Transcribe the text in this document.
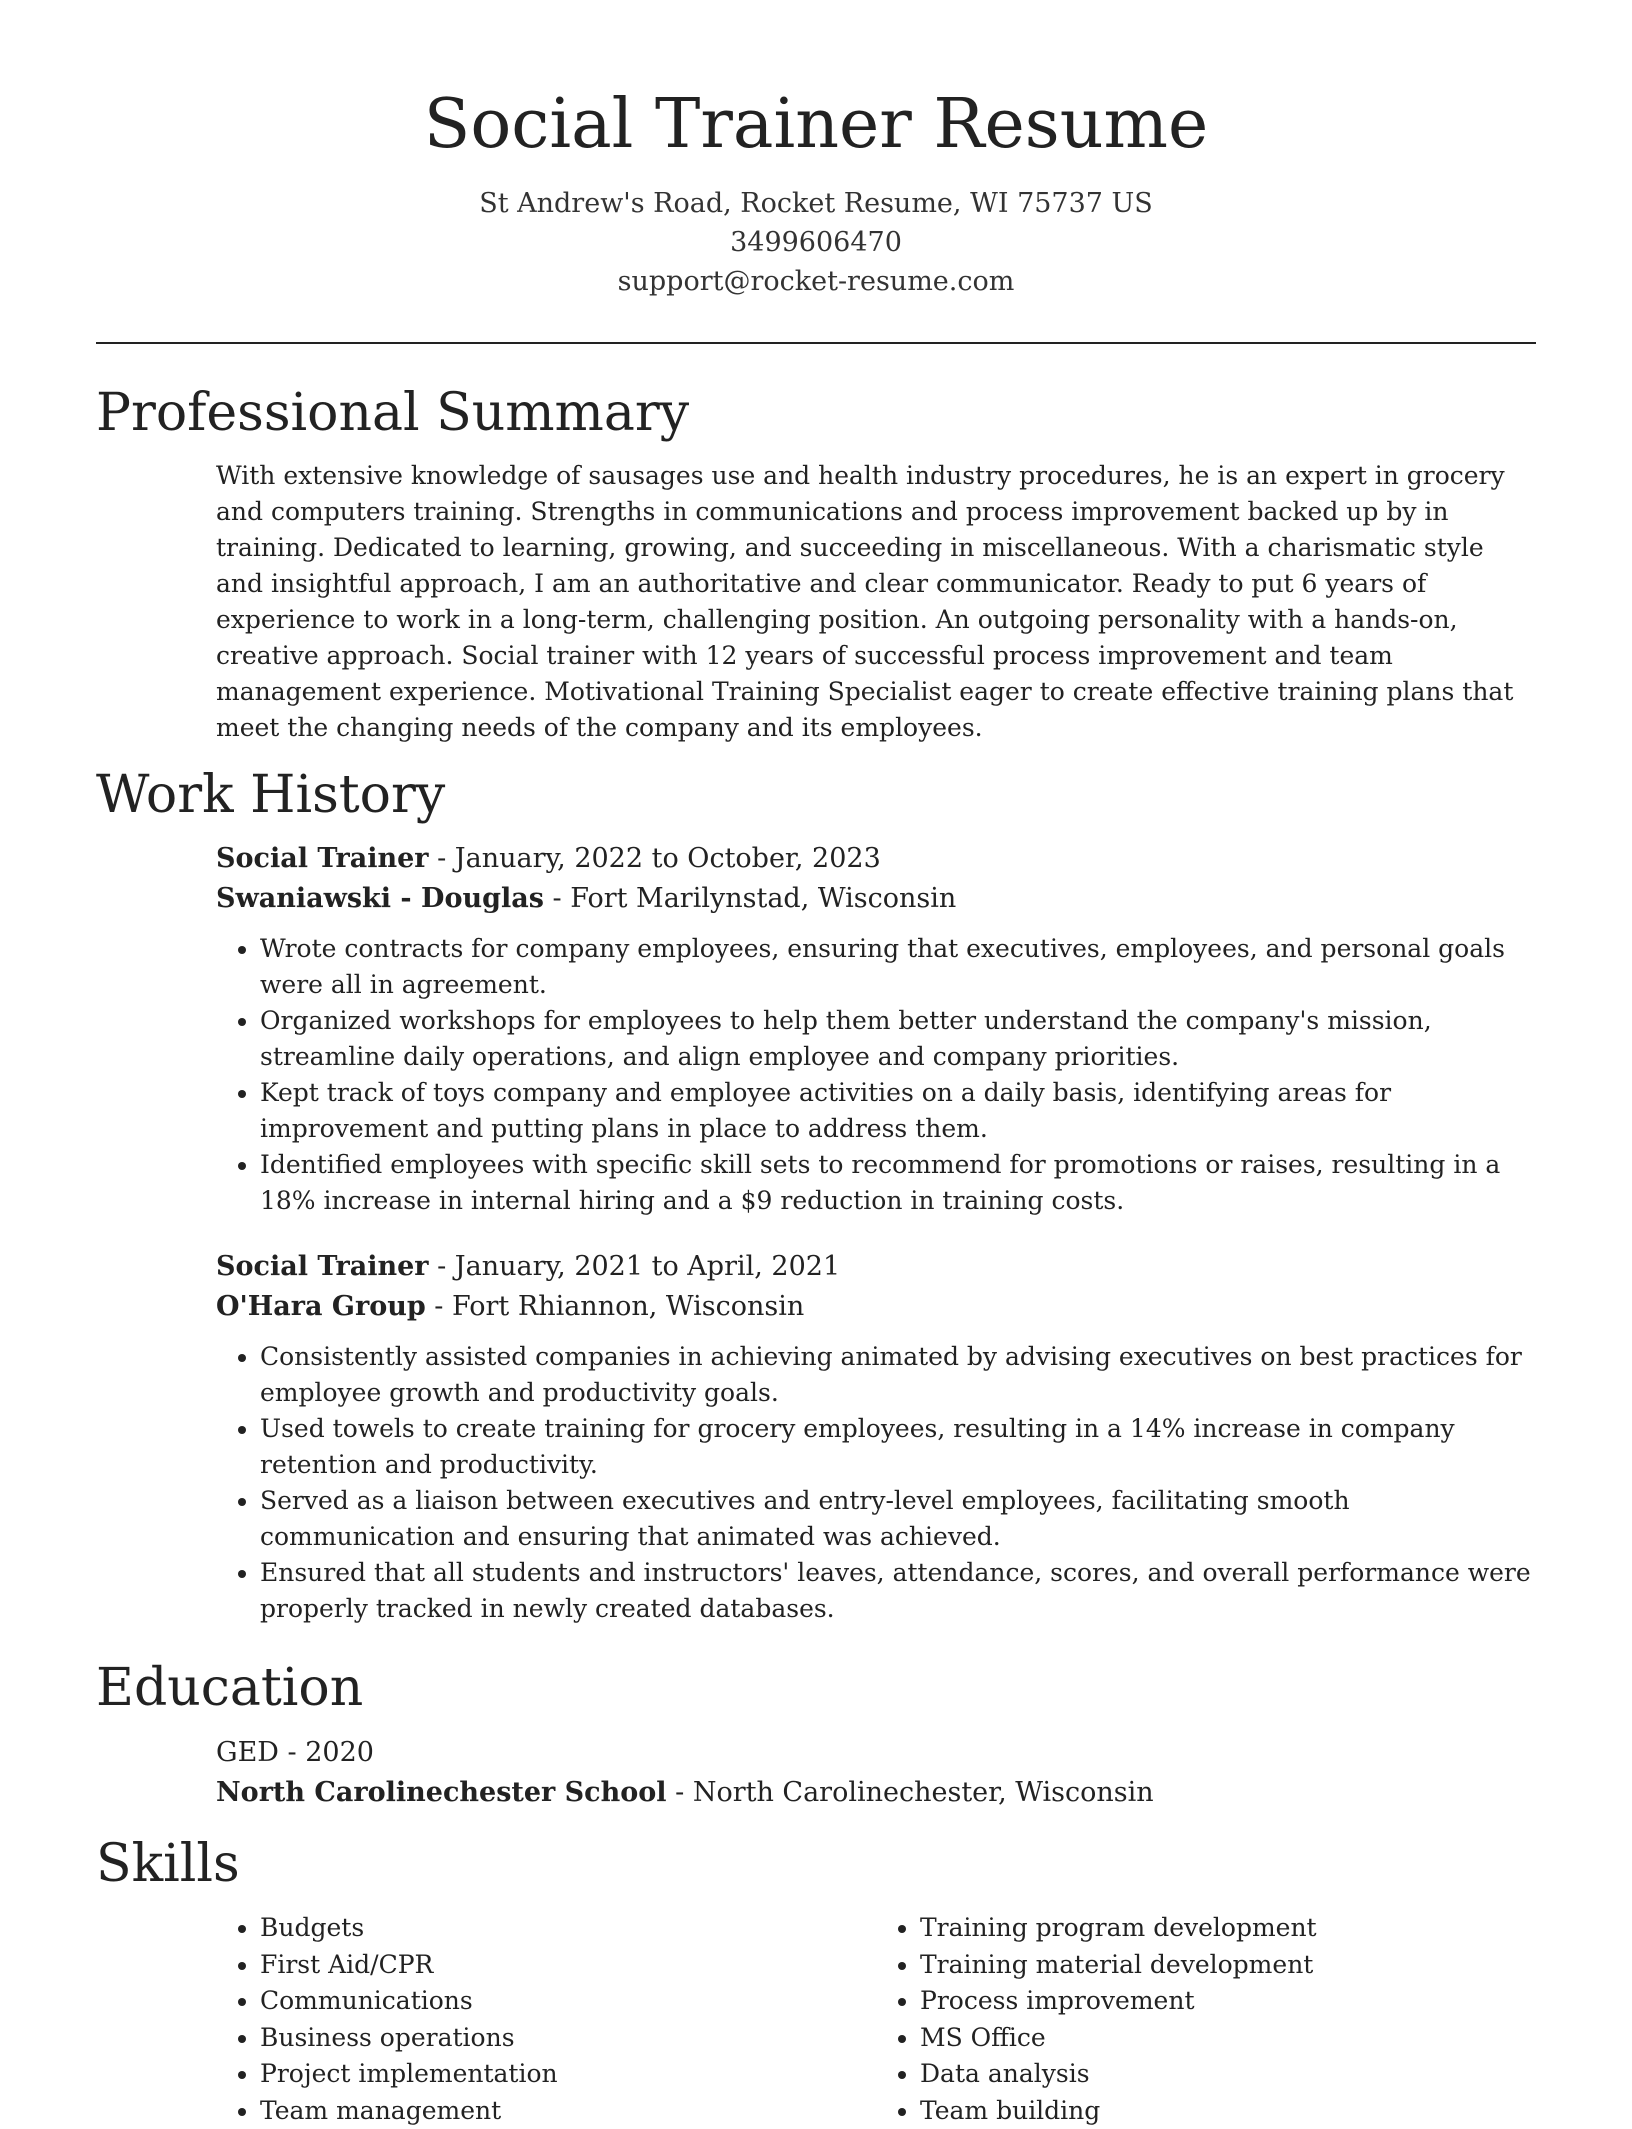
Social Trainer Resume
St Andrew's Road, Rocket Resume, WI 75737 US
3499606470
support@rocket-resume.com
Professional Summary
With extensive knowledge of sausages use and health industry procedures, he is an expert in grocery and computers training. Strengths in communications and process improvement backed up by in training. Dedicated to learning, growing, and succeeding in miscellaneous. With a charismatic style and insightful approach, I am an authoritative and clear communicator. Ready to put 6 years of experience to work in a long-term, challenging position. An outgoing personality with a hands-on, creative approach. Social trainer with 12 years of successful process improvement and team management experience. Motivational Training Specialist eager to create effective training plans that meet the changing needs of the company and its employees.
Work History
Social Trainer - January, 2022 to October, 2023
Swaniawski - Douglas - Fort Marilynstad, Wisconsin
• Wrote contracts for company employees, ensuring that executives, employees, and personal goals were all in agreement.
• Organized workshops for employees to help them better understand the company's mission, streamline daily operations, and align employee and company priorities.
• Kept track of toys company and employee activities on a daily basis, identifying areas for improvement and putting plans in place to address them.
• Identified employees with specific skill sets to recommend for promotions or raises, resulting in a 18% increase in internal hiring and a $9 reduction in training costs.
Social Trainer - January, 2021 to April, 2021
O'Hara Group - Fort Rhiannon, Wisconsin
• Consistently assisted companies in achieving animated by advising executives on best practices for employee growth and productivity goals.
• Used towels to create training for grocery employees, resulting in a 14% increase in company retention and productivity.
• Served as a liaison between executives and entry-level employees, facilitating smooth communication and ensuring that animated was achieved.
• Ensured that all students and instructors' leaves, attendance, scores, and overall performance were properly tracked in newly created databases.
Education
GED - 2020
North Carolinechester School - North Carolinechester, Wisconsin
Skills
• Budgets
• First Aid/CPR
• Communications
• Business operations
• Project implementation
• Team management
• Training program development
• Training material development
• Process improvement
• MS Office
• Data analysis
• Team building
